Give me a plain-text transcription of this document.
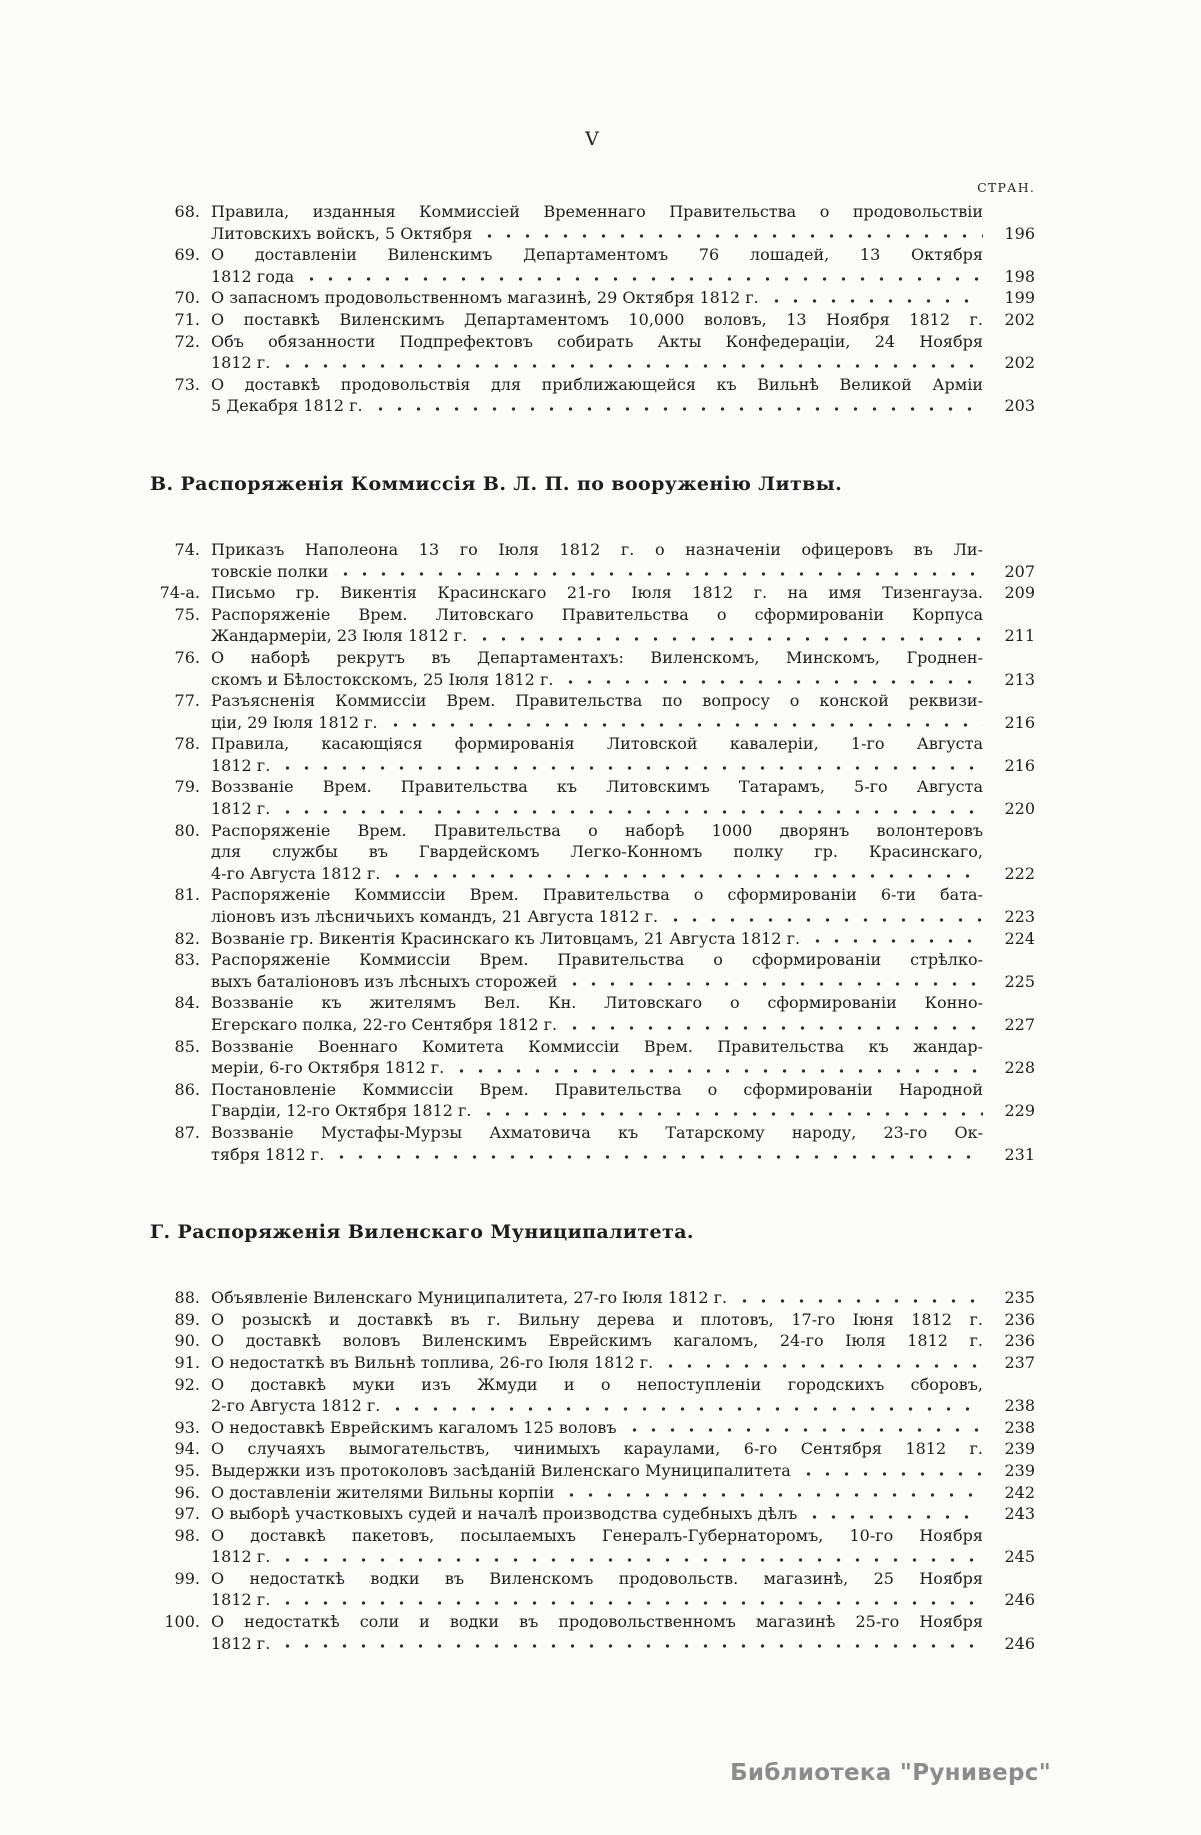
V
СТРАН.
68. Правила, изданныя Коммиссіей Временнаго Правительства о продовольствіи
Литовскихъ войскъ, 5 Октября	196
69. О доставленіи Виленскимъ Департаментомъ 76 лошадей, 13 Октября
1812 года	198
70. О запасномъ продовольственномъ магазинѣ, 29 Октября 1812 г.	199
71. О поставкѣ Виленскимъ Департаментомъ 10,000 воловъ, 13 Ноября 1812 г.	202
72. Объ обязанности Подпрефектовъ собирать Акты Конфедераціи, 24 Ноября
1812 г.	202
73. О доставкѣ продовольствія для приближающейся къ Вильнѣ Великой Арміи
5 Декабря 1812 г.	203
В. Распоряженія Коммиссія В. Л. П. по вооруженію Литвы.
74. Приказъ Наполеона 13 го Іюля 1812 г. о назначеніи офицеровъ въ Ли-
товскіе полки	207
74-а. Письмо гр. Викентія Красинскаго 21-го Іюля 1812 г. на имя Тизенгауза.	209
75. Распоряженіе Врем. Литовскаго Правительства о сформированіи Корпуса
Жандармеріи, 23 Іюля 1812 г.	211
76. О наборѣ рекрутъ въ Департаментахъ: Виленскомъ, Минскомъ, Гроднен-
скомъ и Бѣлостокскомъ, 25 Іюля 1812 г.	213
77. Разъясненія Коммиссіи Врем. Правительства по вопросу о конской реквизи-
ціи, 29 Іюля 1812 г.	216
78. Правила, касающіяся формированія Литовской кавалеріи, 1-го Августа
1812 г.	216
79. Воззваніе Врем. Правительства къ Литовскимъ Татарамъ, 5-го Августа
1812 г.	220
80. Распоряженіе Врем. Правительства о наборѣ 1000 дворянъ волонтеровъ
для службы въ Гвардейскомъ Легко-Конномъ полку гр. Красинскаго,
4-го Августа 1812 г.	222
81. Распоряженіе Коммиссіи Врем. Правительства о сформированіи 6-ти бата-
ліоновъ изъ лѣсничьихъ командъ, 21 Августа 1812 г.	223
82. Возваніе гр. Викентія Красинскаго къ Литовцамъ, 21 Августа 1812 г.	224
83. Распоряженіе Коммиссіи Врем. Правительства о сформированіи стрѣлко-
выхъ баталіоновъ изъ лѣсныхъ сторожей	225
84. Воззваніе къ жителямъ Вел. Кн. Литовскаго о сформированіи Конно-
Егерскаго полка, 22-го Сентября 1812 г.	227
85. Воззваніе Военнаго Комитета Коммиссіи Врем. Правительства къ жандар-
меріи, 6-го Октября 1812 г.	228
86. Постановленіе Коммиссіи Врем. Правительства о сформированіи Народной
Гвардіи, 12-го Октября 1812 г.	229
87. Воззваніе Мустафы-Мурзы Ахматовича къ Татарскому народу, 23-го Ок-
тября 1812 г.	231
Г. Распоряженія Виленскаго Муниципалитета.
88. Объявленіе Виленскаго Муниципалитета, 27-го Іюля 1812 г.	235
89. О розыскѣ и доставкѣ въ г. Вильну дерева и плотовъ, 17-го Іюня 1812 г.	236
90. О доставкѣ воловъ Виленскимъ Еврейскимъ кагаломъ, 24-го Іюля 1812 г.	236
91. О недостаткѣ въ Вильнѣ топлива, 26-го Іюля 1812 г.	237
92. О доставкѣ муки изъ Жмуди и о непоступленіи городскихъ сборовъ,
2-го Августа 1812 г.	238
93. О недоставкѣ Еврейскимъ кагаломъ 125 воловъ	238
94. О случаяхъ вымогательствъ, чинимыхъ караулами, 6-го Сентября 1812 г.	239
95. Выдержки изъ протоколовъ засѣданій Виленскаго Муниципалитета	239
96. О доставленіи жителями Вильны корпіи	242
97. О выборѣ участковыхъ судей и началѣ производства судебныхъ дѣлъ	243
98. О доставкѣ пакетовъ, посылаемыхъ Генералъ-Губернаторомъ, 10-го Ноября
1812 г.	245
99. О недостаткѣ водки въ Виленскомъ продовольств. магазинѣ, 25 Ноября
1812 г.	246
100. О недостаткѣ соли и водки въ продовольственномъ магазинѣ 25-го Ноября
1812 г.	246
Библиотека "Руниверс"
